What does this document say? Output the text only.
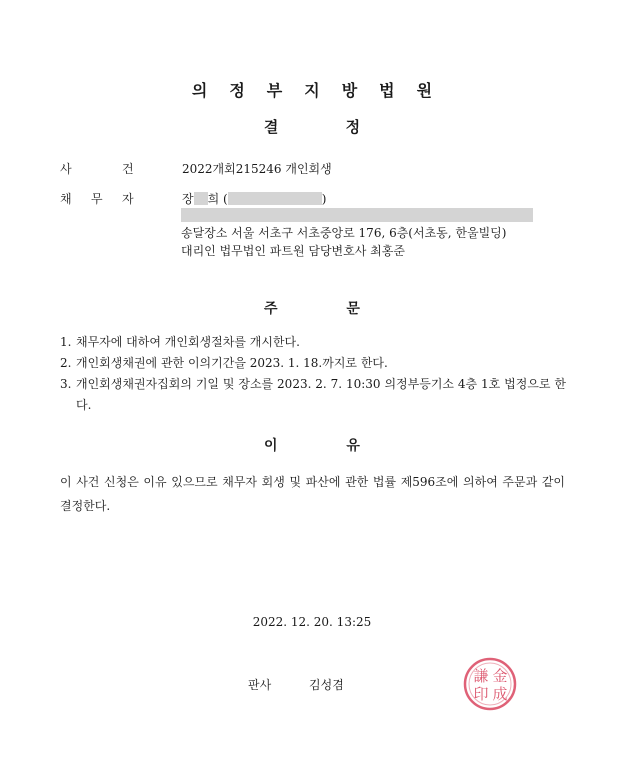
의정부지방법원
결 정
사	건	2022개회215246 개인회생
채 무 자	장 희 (	)
송달장소 서울 서초구 서초중앙로 176, 6층(서초동, 한울빌딩)
대리인 법무법인 파트원 담당변호사 최홍준
주 문
1. 채무자에 대하여 개인회생절차를 개시한다.
2. 개인회생채권에 관한 이의기간을 2023. 1. 18.까지로 한다.
3. 개인회생채권자집회의 기일 및 장소를 2023. 2. 7. 10:30 의정부등기소 4층 1호 법정으로 한다.
이 유
이 사건 신청은 이유 있으므로 채무자 회생 및 파산에 관한 법률 제596조에 의하여 주문과 같이 결정한다.
2022. 12. 20. 13:25
판사	김성겸	金
成
謙
印
